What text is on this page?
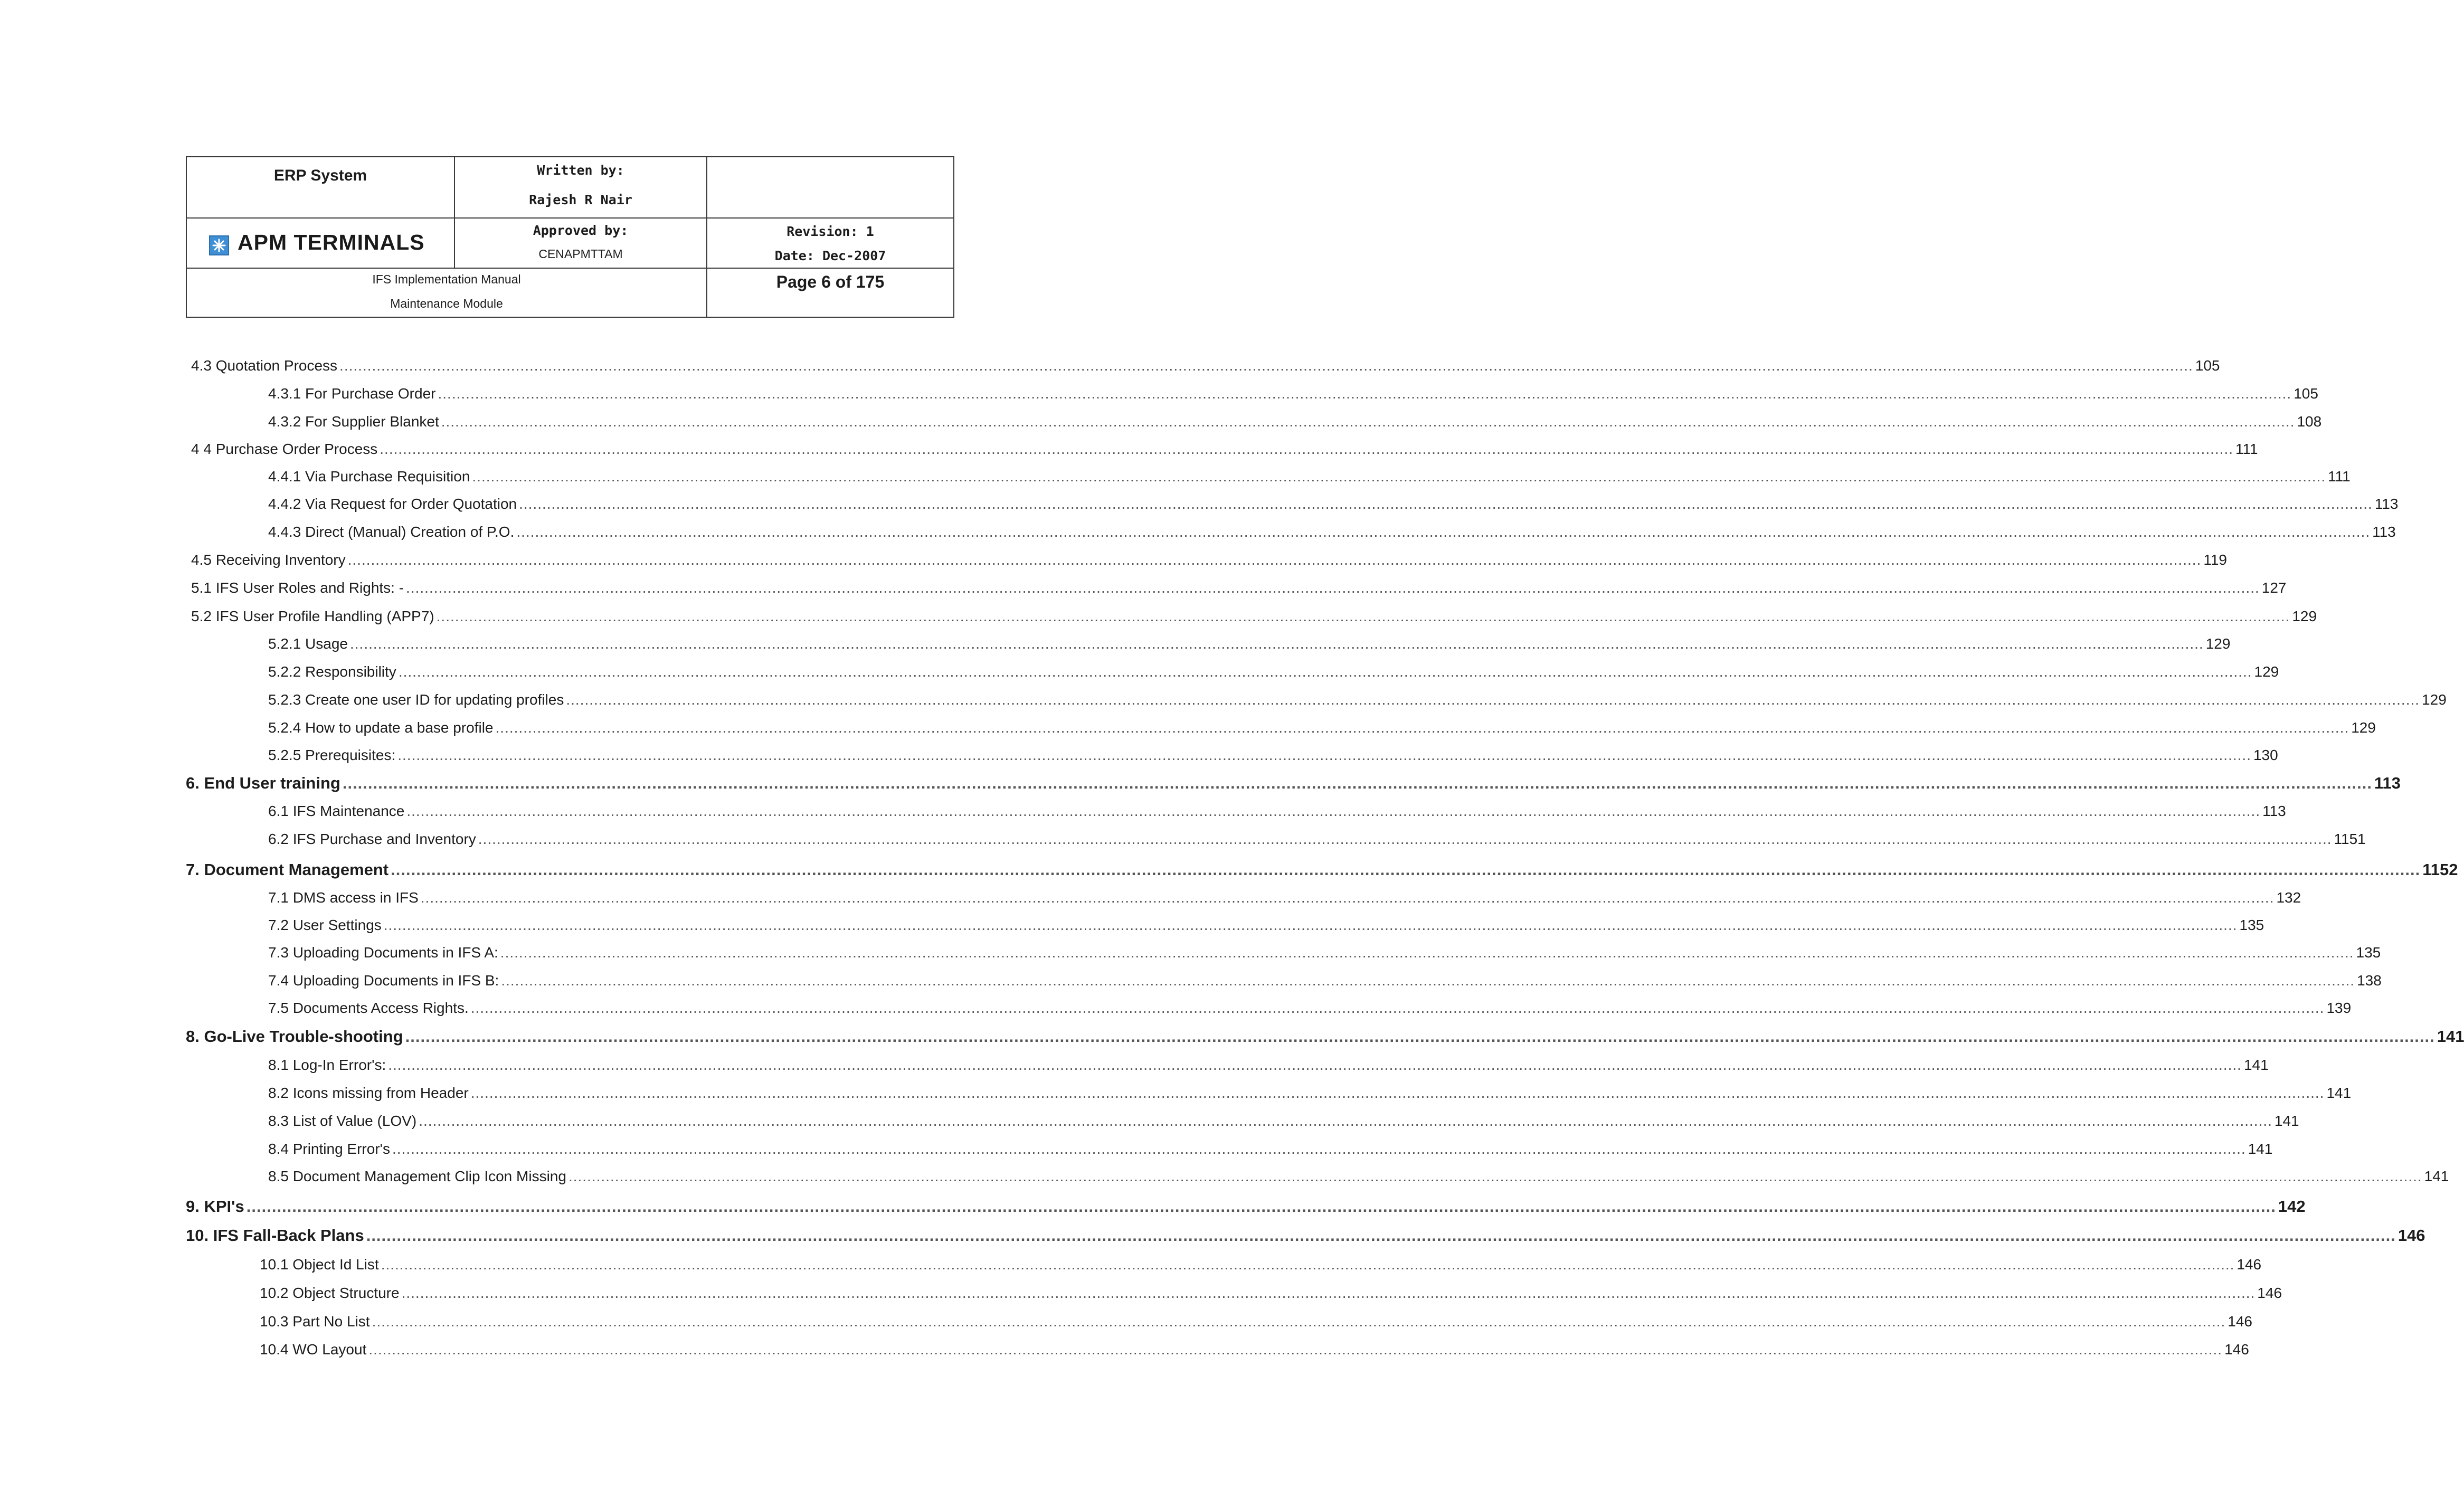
ERP System	Written by:
Rajesh R Nair
APM TERMINALS	Approved by:
CENAPMTTAM
Revision: 1
Date: Dec-2007
IFS Implementation Manual
Maintenance Module
Page 6 of 175
4.3 Quotation Process ................................................................................................................................................................................................................................................................................................................................................................................................................ 105
4.3.1 For Purchase Order ................................................................................................................................................................................................................................................................................................................................................................................................................ 105
4.3.2 For Supplier Blanket ................................................................................................................................................................................................................................................................................................................................................................................................................ 108
4 4 Purchase Order Process ................................................................................................................................................................................................................................................................................................................................................................................................................ 111
4.4.1 Via Purchase Requisition ................................................................................................................................................................................................................................................................................................................................................................................................................ 111
4.4.2 Via Request for Order Quotation ................................................................................................................................................................................................................................................................................................................................................................................................................ 113
4.4.3 Direct (Manual) Creation of P.O. ................................................................................................................................................................................................................................................................................................................................................................................................................ 113
4.5 Receiving Inventory ................................................................................................................................................................................................................................................................................................................................................................................................................ 119
5.1 IFS User Roles and Rights: - ................................................................................................................................................................................................................................................................................................................................................................................................................ 127
5.2 IFS User Profile Handling (APP7) ................................................................................................................................................................................................................................................................................................................................................................................................................ 129
5.2.1 Usage ................................................................................................................................................................................................................................................................................................................................................................................................................ 129
5.2.2 Responsibility ................................................................................................................................................................................................................................................................................................................................................................................................................ 129
5.2.3 Create one user ID for updating profiles ................................................................................................................................................................................................................................................................................................................................................................................................................ 129
5.2.4 How to update a base profile ................................................................................................................................................................................................................................................................................................................................................................................................................ 129
5.2.5 Prerequisites: ................................................................................................................................................................................................................................................................................................................................................................................................................ 130
6. End User training ................................................................................................................................................................................................................................................................................................................................................................................................................ 113
6.1 IFS Maintenance ................................................................................................................................................................................................................................................................................................................................................................................................................ 113
6.2 IFS Purchase and Inventory ................................................................................................................................................................................................................................................................................................................................................................................................................ 1151
7. Document Management ................................................................................................................................................................................................................................................................................................................................................................................................................ 1152
7.1 DMS access in IFS ................................................................................................................................................................................................................................................................................................................................................................................................................ 132
7.2 User Settings ................................................................................................................................................................................................................................................................................................................................................................................................................ 135
7.3 Uploading Documents in IFS A: ................................................................................................................................................................................................................................................................................................................................................................................................................ 135
7.4 Uploading Documents in IFS B: ................................................................................................................................................................................................................................................................................................................................................................................................................ 138
7.5 Documents Access Rights. ................................................................................................................................................................................................................................................................................................................................................................................................................ 139
8. Go-Live Trouble-shooting ................................................................................................................................................................................................................................................................................................................................................................................................................ 141
8.1 Log-In Error's: ................................................................................................................................................................................................................................................................................................................................................................................................................ 141
8.2 Icons missing from Header ................................................................................................................................................................................................................................................................................................................................................................................................................ 141
8.3 List of Value (LOV) ................................................................................................................................................................................................................................................................................................................................................................................................................ 141
8.4 Printing Error's ................................................................................................................................................................................................................................................................................................................................................................................................................ 141
8.5 Document Management Clip Icon Missing ................................................................................................................................................................................................................................................................................................................................................................................................................ 141
9. KPI's ................................................................................................................................................................................................................................................................................................................................................................................................................ 142
10. IFS Fall-Back Plans ................................................................................................................................................................................................................................................................................................................................................................................................................ 146
10.1 Object Id List ................................................................................................................................................................................................................................................................................................................................................................................................................ 146
10.2 Object Structure ................................................................................................................................................................................................................................................................................................................................................................................................................ 146
10.3 Part No List ................................................................................................................................................................................................................................................................................................................................................................................................................ 146
10.4 WO Layout ................................................................................................................................................................................................................................................................................................................................................................................................................ 146
